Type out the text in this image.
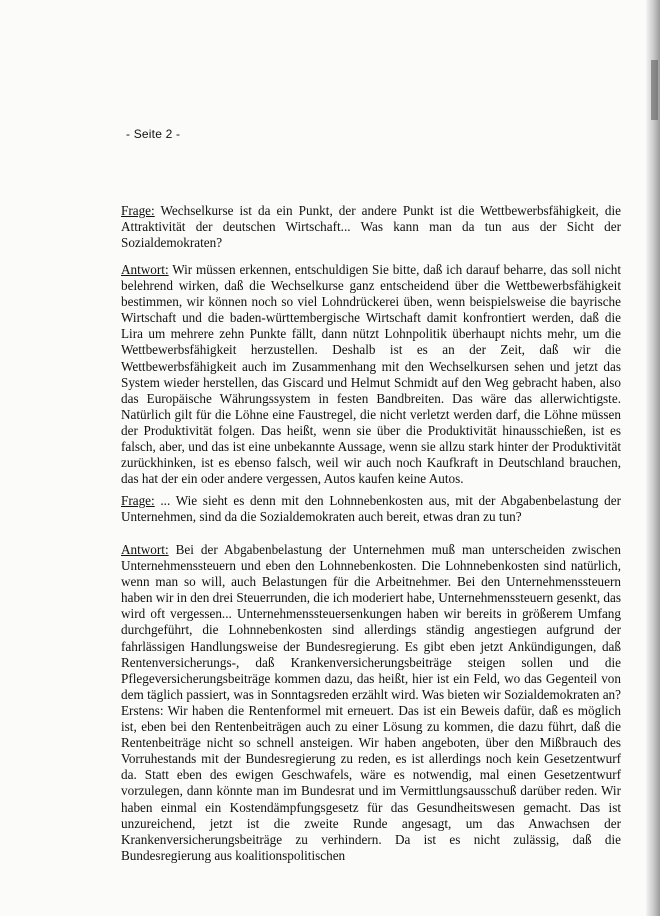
- Seite 2 -

Frage: Wechselkurse ist da ein Punkt, der andere Punkt ist die Wettbewerbsfähigkeit, die Attraktivität der deutschen Wirtschaft... Was kann man da tun aus der Sicht der Sozialdemokraten?

Antwort: Wir müssen erkennen, entschuldigen Sie bitte, daß ich darauf beharre, das soll nicht belehrend wirken, daß die Wechselkurse ganz entscheidend über die Wettbewerbsfähigkeit bestimmen, wir können noch so viel Lohndrückerei üben, wenn beispielsweise die bayrische Wirtschaft und die baden-württembergische Wirtschaft damit konfrontiert werden, daß die Lira um mehrere zehn Punkte fällt, dann nützt Lohnpolitik überhaupt nichts mehr, um die Wettbewerbsfähigkeit herzustellen. Deshalb ist es an der Zeit, daß wir die Wettbewerbsfähigkeit auch im Zusammenhang mit den Wechselkursen sehen und jetzt das System wieder herstellen, das Giscard und Helmut Schmidt auf den Weg gebracht haben, also das Europäische Währungssystem in festen Bandbreiten. Das wäre das allerwichtigste. Natürlich gilt für die Löhne eine Faustregel, die nicht verletzt werden darf, die Löhne müssen der Produktivität folgen. Das heißt, wenn sie über die Produktivität hinausschießen, ist es falsch, aber, und das ist eine unbekannte Aussage, wenn sie allzu stark hinter der Produktivität zurückhinken, ist es ebenso falsch, weil wir auch noch Kaufkraft in Deutschland brauchen, das hat der ein oder andere vergessen, Autos kaufen keine Autos.

Frage: ... Wie sieht es denn mit den Lohnnebenkosten aus, mit der Abgabenbelastung der Unternehmen, sind da die Sozialdemokraten auch bereit, etwas dran zu tun?

Antwort: Bei der Abgabenbelastung der Unternehmen muß man unterscheiden zwischen Unternehmenssteuern und eben den Lohnnebenkosten. Die Lohnnebenkosten sind natürlich, wenn man so will, auch Belastungen für die Arbeitnehmer. Bei den Unternehmenssteuern haben wir in den drei Steuerrunden, die ich moderiert habe, Unternehmenssteuern gesenkt, das wird oft vergessen... Unternehmenssteuersenkungen haben wir bereits in größerem Umfang durchgeführt, die Lohnnebenkosten sind allerdings ständig angestiegen aufgrund der fahrlässigen Handlungsweise der Bundesregierung. Es gibt eben jetzt Ankündigungen, daß Rentenversicherungs-, daß Krankenversicherungsbeiträge steigen sollen und die Pflegeversicherungsbeiträge kommen dazu, das heißt, hier ist ein Feld, wo das Gegenteil von dem täglich passiert, was in Sonntagsreden erzählt wird. Was bieten wir Sozialdemokraten an? Erstens: Wir haben die Rentenformel mit erneuert. Das ist ein Beweis dafür, daß es möglich ist, eben bei den Rentenbeiträgen auch zu einer Lösung zu kommen, die dazu führt, daß die Rentenbeiträge nicht so schnell ansteigen. Wir haben angeboten, über den Mißbrauch des Vorruhestands mit der Bundesregierung zu reden, es ist allerdings noch kein Gesetzentwurf da. Statt eben des ewigen Geschwafels, wäre es notwendig, mal einen Gesetzentwurf vorzulegen, dann könnte man im Bundesrat und im Vermittlungsausschuß darüber reden. Wir haben einmal ein Kostendämpfungsgesetz für das Gesundheitswesen gemacht. Das ist unzureichend, jetzt ist die zweite Runde angesagt, um das Anwachsen der Krankenversicherungsbeiträge zu verhindern. Da ist es nicht zulässig, daß die Bundesregierung aus koalitionspolitischen
